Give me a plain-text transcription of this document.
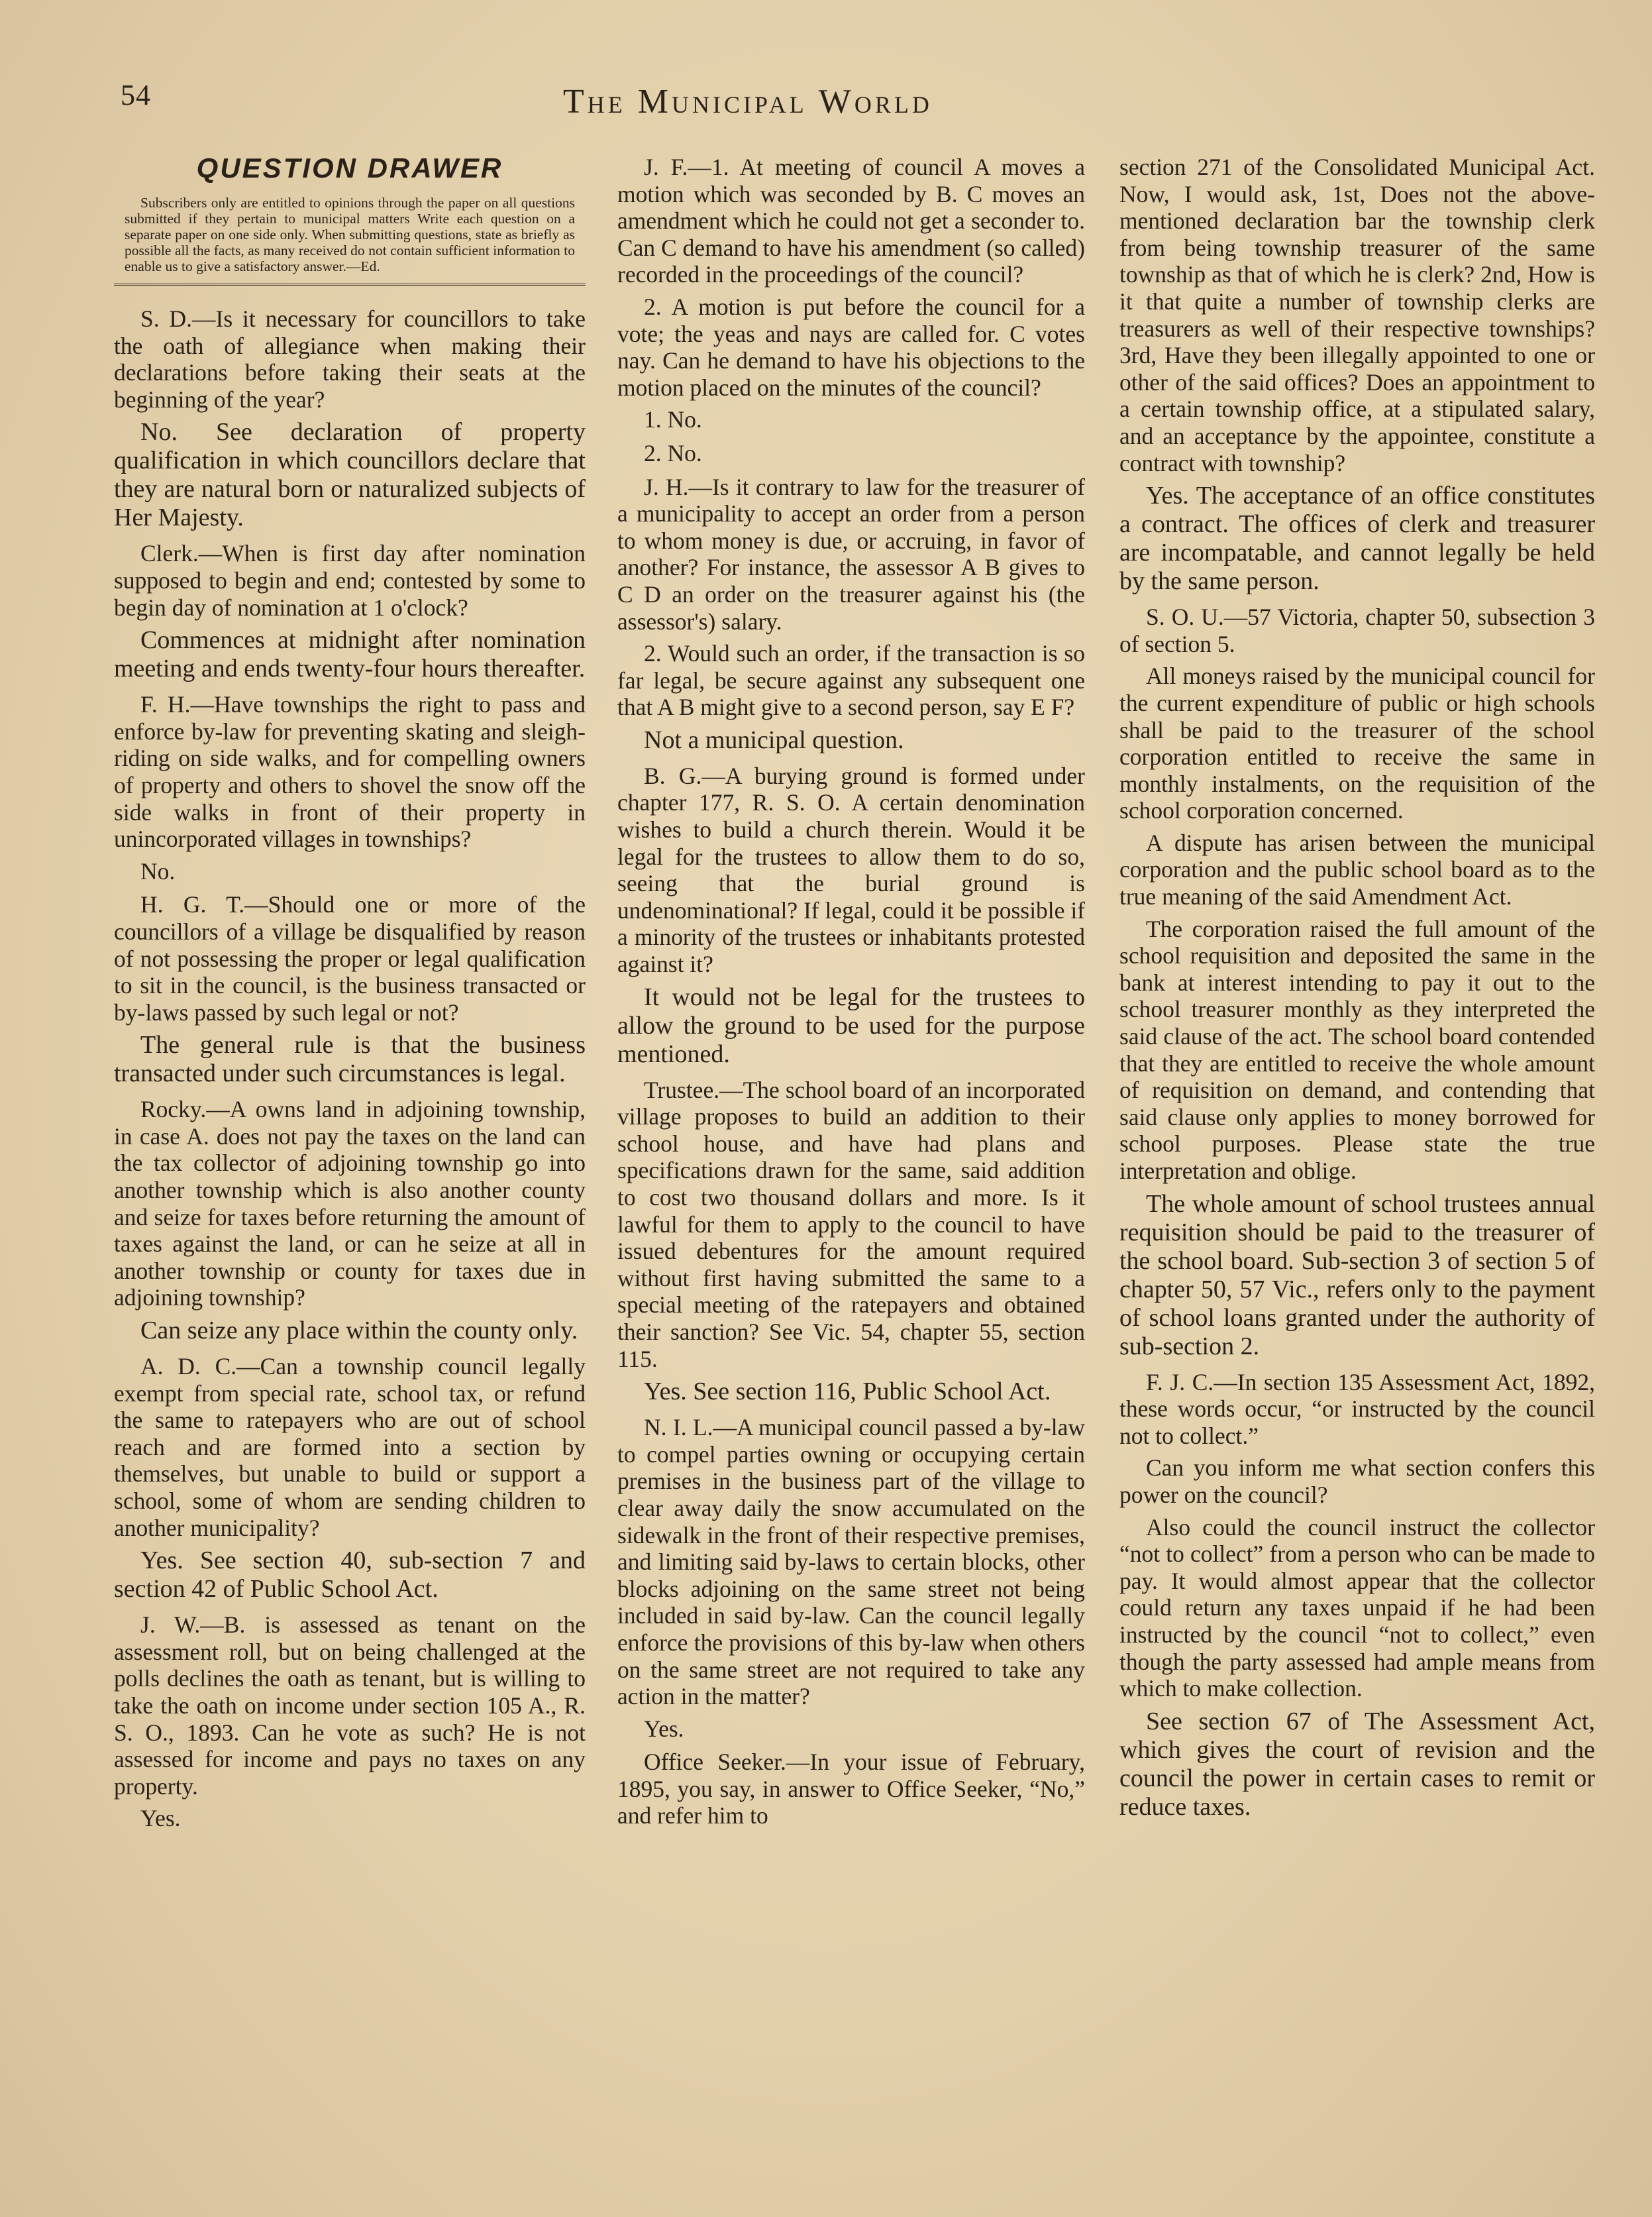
54	The Municipal World
QUESTION DRAWER
Subscribers only are entitled to opinions through the paper on all questions submitted if they pertain to municipal matters Write each question on a separate paper on one side only. When submitting questions, state as briefly as possible all the facts, as many received do not contain sufficient information to enable us to give a satisfactory answer.—Ed.

S. D.—Is it necessary for councillors to take the oath of allegiance when making their declarations before taking their seats at the beginning of the year?

No. See declaration of property qualification in which councillors declare that they are natural born or naturalized subjects of Her Majesty.

Clerk.—When is first day after nomination supposed to begin and end; contested by some to begin day of nomination at 1 o'clock?

Commences at midnight after nomination meeting and ends twenty-four hours thereafter.

F. H.—Have townships the right to pass and enforce by-law for preventing skating and sleigh-riding on side walks, and for compelling owners of property and others to shovel the snow off the side walks in front of their property in unincorporated villages in townships?

No.

H. G. T.—Should one or more of the councillors of a village be disqualified by reason of not possessing the proper or legal qualification to sit in the council, is the business transacted or by-laws passed by such legal or not?

The general rule is that the business transacted under such circumstances is legal.

Rocky.—A owns land in adjoining township, in case A. does not pay the taxes on the land can the tax collector of adjoining township go into another township which is also another county and seize for taxes before returning the amount of taxes against the land, or can he seize at all in another township or county for taxes due in adjoining township?

Can seize any place within the county only.

A. D. C.—Can a township council legally exempt from special rate, school tax, or refund the same to ratepayers who are out of school reach and are formed into a section by themselves, but unable to build or support a school, some of whom are sending children to another municipality?

Yes. See section 40, sub-section 7 and section 42 of Public School Act.

J. W.—B. is assessed as tenant on the assessment roll, but on being challenged at the polls declines the oath as tenant, but is willing to take the oath on income under section 105 A., R. S. O., 1893. Can he vote as such? He is not assessed for income and pays no taxes on any property.

Yes.

J. F.—1. At meeting of council A moves a motion which was seconded by B. C moves an amendment which he could not get a seconder to. Can C demand to have his amendment (so called) recorded in the proceedings of the council?

2. A motion is put before the council for a vote; the yeas and nays are called for. C votes nay. Can he demand to have his objections to the motion placed on the minutes of the council?

1. No.

2. No.

J. H.—Is it contrary to law for the treasurer of a municipality to accept an order from a person to whom money is due, or accruing, in favor of another? For instance, the assessor A B gives to C D an order on the treasurer against his (the assessor's) salary.

2. Would such an order, if the transaction is so far legal, be secure against any subsequent one that A B might give to a second person, say E F?

Not a municipal question.

B. G.—A burying ground is formed under chapter 177, R. S. O. A certain denomination wishes to build a church therein. Would it be legal for the trustees to allow them to do so, seeing that the burial ground is undenominational? If legal, could it be possible if a minority of the trustees or inhabitants protested against it?

It would not be legal for the trustees to allow the ground to be used for the purpose mentioned.

Trustee.—The school board of an incorporated village proposes to build an addition to their school house, and have had plans and specifications drawn for the same, said addition to cost two thousand dollars and more. Is it lawful for them to apply to the council to have issued debentures for the amount required without first having submitted the same to a special meeting of the ratepayers and obtained their sanction? See Vic. 54, chapter 55, section 115.

Yes. See section 116, Public School Act.

N. I. L.—A municipal council passed a by-law to compel parties owning or occupying certain premises in the business part of the village to clear away daily the snow accumulated on the sidewalk in the front of their respective premises, and limiting said by-laws to certain blocks, other blocks adjoining on the same street not being included in said by-law. Can the council legally enforce the provisions of this by-law when others on the same street are not required to take any action in the matter?

Yes.

Office Seeker.—In your issue of February, 1895, you say, in answer to Office Seeker, “No,” and refer him to

section 271 of the Consolidated Municipal Act. Now, I would ask, 1st, Does not the above-mentioned declaration bar the township clerk from being township treasurer of the same township as that of which he is clerk? 2nd, How is it that quite a number of township clerks are treasurers as well of their respective townships? 3rd, Have they been illegally appointed to one or other of the said offices? Does an appointment to a certain township office, at a stipulated salary, and an acceptance by the appointee, constitute a contract with township?

Yes. The acceptance of an office constitutes a contract. The offices of clerk and treasurer are incompatable, and cannot legally be held by the same person.

S. O. U.—57 Victoria, chapter 50, subsection 3 of section 5.

All moneys raised by the municipal council for the current expenditure of public or high schools shall be paid to the treasurer of the school corporation entitled to receive the same in monthly instalments, on the requisition of the school corporation concerned.

A dispute has arisen between the municipal corporation and the public school board as to the true meaning of the said Amendment Act.

The corporation raised the full amount of the school requisition and deposited the same in the bank at interest intending to pay it out to the school treasurer monthly as they interpreted the said clause of the act. The school board contended that they are entitled to receive the whole amount of requisition on demand, and contending that said clause only applies to money borrowed for school purposes. Please state the true interpretation and oblige.

The whole amount of school trustees annual requisition should be paid to the treasurer of the school board. Sub-section 3 of section 5 of chapter 50, 57 Vic., refers only to the payment of school loans granted under the authority of sub-section 2.

F. J. C.—In section 135 Assessment Act, 1892, these words occur, “or instructed by the council not to collect.”

Can you inform me what section confers this power on the council?

Also could the council instruct the collector “not to collect” from a person who can be made to pay. It would almost appear that the collector could return any taxes unpaid if he had been instructed by the council “not to collect,” even though the party assessed had ample means from which to make collection.

See section 67 of The Assessment Act, which gives the court of revision and the council the power in certain cases to remit or reduce taxes.
